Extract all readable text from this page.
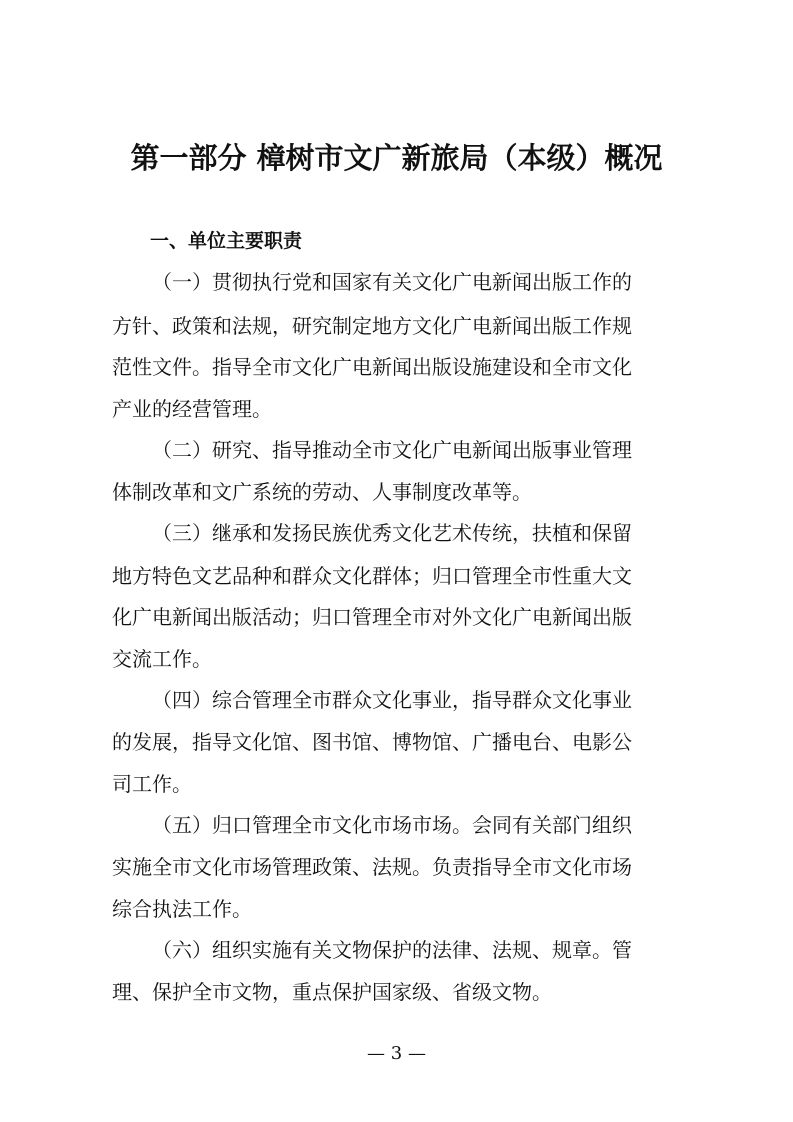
第一部分 樟树市文广新旅局（本级）概况
一、单位主要职责
（一）贯彻执行党和国家有关文化广电新闻出版工作的
方针、政策和法规，研究制定地方文化广电新闻出版工作规
范性文件。指导全市文化广电新闻出版设施建设和全市文化
产业的经营管理。
（二）研究、指导推动全市文化广电新闻出版事业管理
体制改革和文广系统的劳动、人事制度改革等。
（三）继承和发扬民族优秀文化艺术传统，扶植和保留
地方特色文艺品种和群众文化群体；归口管理全市性重大文
化广电新闻出版活动；归口管理全市对外文化广电新闻出版
交流工作。
（四）综合管理全市群众文化事业，指导群众文化事业
的发展，指导文化馆、图书馆、博物馆、广播电台、电影公
司工作。
（五）归口管理全市文化市场市场。会同有关部门组织
实施全市文化市场管理政策、法规。负责指导全市文化市场
综合执法工作。
（六）组织实施有关文物保护的法律、法规、规章。管
理、保护全市文物，重点保护国家级、省级文物。
— 3 —
